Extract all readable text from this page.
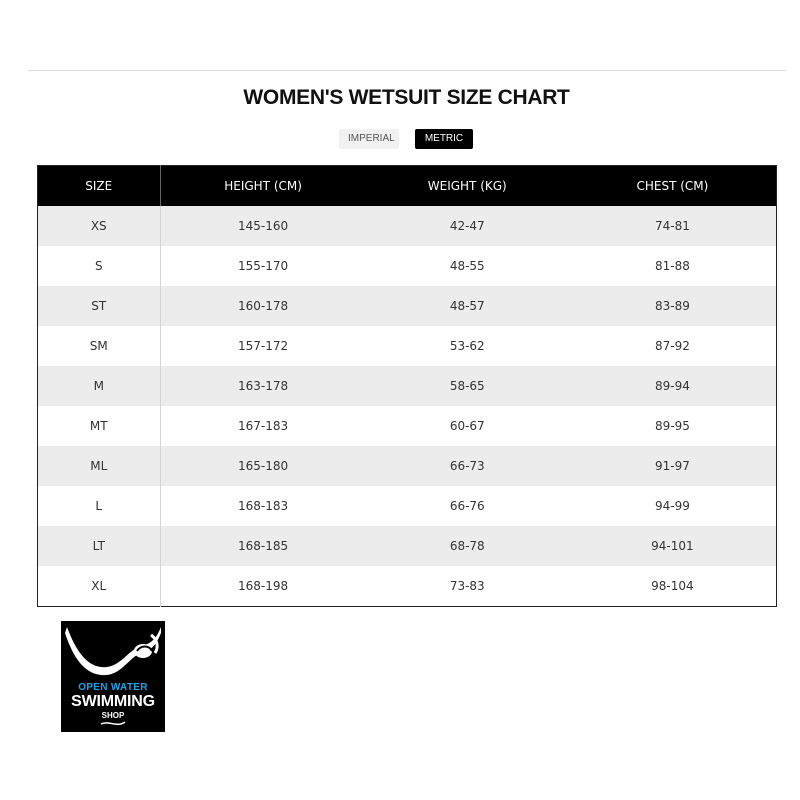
WOMEN'S WETSUIT SIZE CHART
IMPERIAL	METRIC
SIZE	HEIGHT (CM)	WEIGHT (KG)	CHEST (CM)
XS	145-160	42-47	74-81
S	155-170	48-55	81-88
ST	160-178	48-57	83-89
SM	157-172	53-62	87-92
M	163-178	58-65	89-94
MT	167-183	60-67	89-95
ML	165-180	66-73	91-97
L	168-183	66-76	94-99
LT	168-185	68-78	94-101
XL	168-198	73-83	98-104
OPEN WATER
SWIMMING
SHOP
